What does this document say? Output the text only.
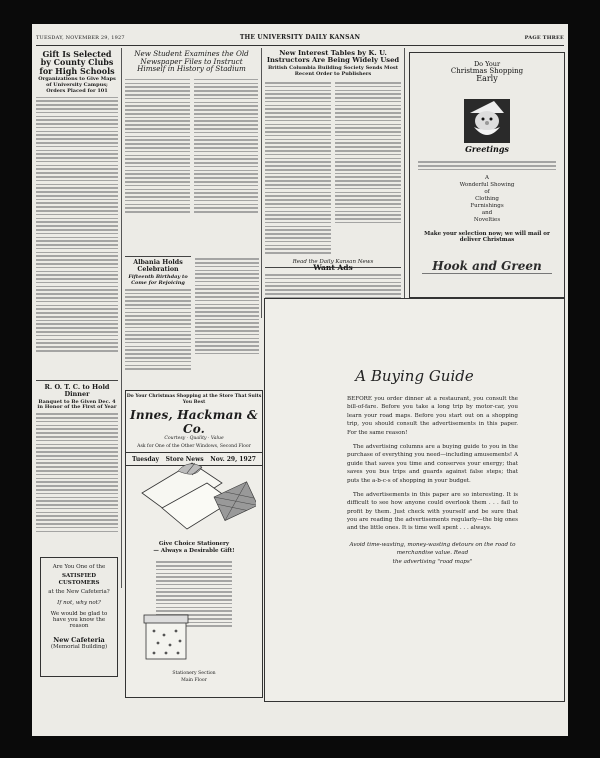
TUESDAY, NOVEMBER 29, 1927	THE UNIVERSITY DAILY KANSAN	PAGE THREE
Gift Is Selected by County Clubs for High Schools
Organizations to Give Maps of University Campus; Orders Placed for 101
R. O. T. C. to Hold Dinner
Banquet to Be Given Dec. 4 in Honor of the First of Year
Are You One of the
SATISFIED
CUSTOMERS
at the New Cafeteria?
If not, why not?
We would be glad to have you know the reason
New Cafeteria
(Memorial Building)
New Student Examines the Old Newspaper Files to Instruct Himself in History of Stadium
Albania Holds Celebration
Fifteenth Birthday to Come for Rejoicing
New Interest Tables by K. U. Instructors Are Being Widely Used
British Columbia Building Society Sends Most Recent Order to Publishers
Read the Daily Kansan News
Want Ads
Do Your
Christmas Shopping
Early
Greetings
A
Wonderful Showing
of
Clothing
Furnishings
and
Novelties
Make your selection now; we will mail or deliver Christmas
Hook and Green
Do Your Christmas Shopping at the Store That Suits You Best
Innes, Hackman & Co.
Courtesy · Quality · Value
Ask for One of the Other Windows, Second Floor
Tuesday Store News Nov. 29, 1927
Give Choice Stationery
— Always a Desirable Gift!
Stationery Section
Main Floor
A Buying Guide

BEFORE you order dinner at a restaurant, you consult the bill-of-fare. Before you take a long trip by motor-car, you learn your road maps. Before you start out on a shopping trip, you should consult the advertisements in this paper. For the same reason!

The advertising columns are a buying guide to you in the purchase of everything you need—including amusements! A guide that saves you time and conserves your energy; that saves you bus trips and guards against false steps; that puts the a-b-c-s of shopping in your budget.

The advertisements in this paper are so interesting. It is difficult to see how anyone could overlook them . . . fail to profit by them. Just check with yourself and be sure that you are reading the advertisements regularly—the big ones and the little ones. It is time well spent . . . always.

Avoid time-wasting, money-wasting detours on the road to merchandise value. Read
the advertising "road maps"
